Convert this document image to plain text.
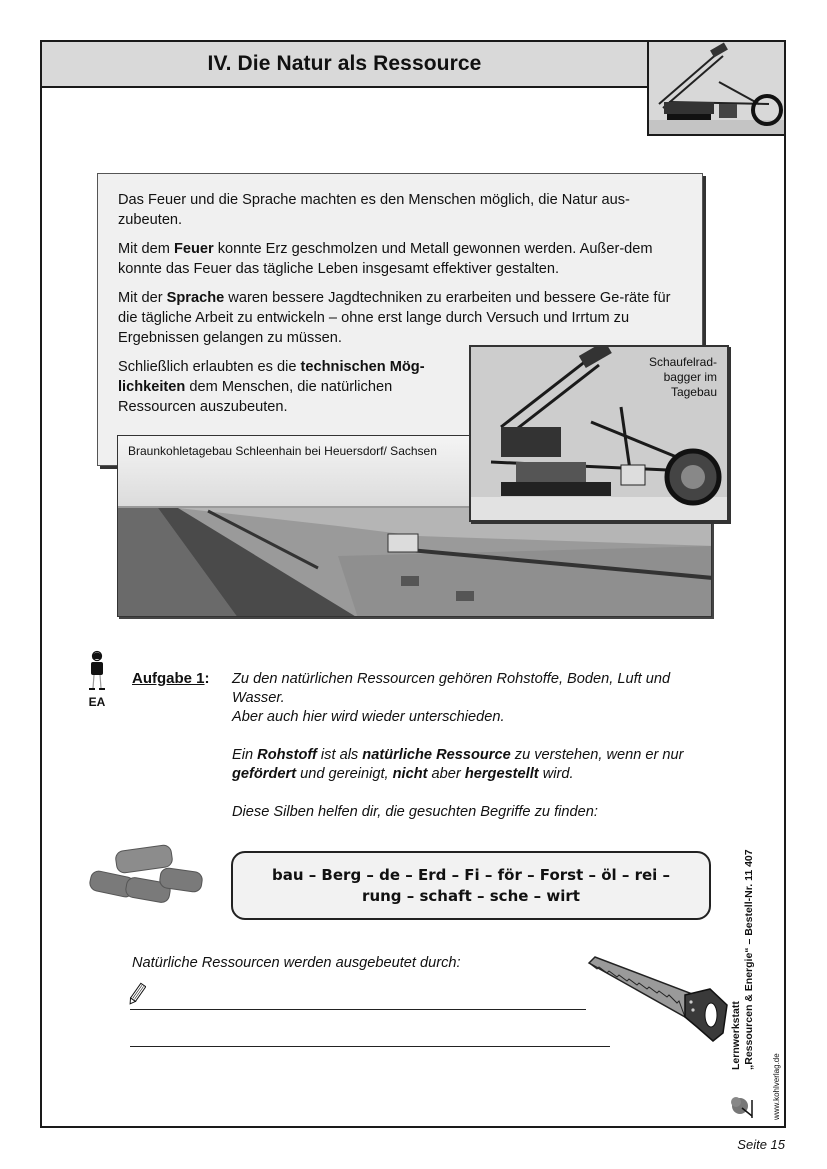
IV. Die Natur als Ressource

Das Feuer und die Sprache machten es den Menschen möglich, die Natur aus-zubeuten.

Mit dem Feuer konnte Erz geschmolzen und Metall gewonnen werden. Außer-dem konnte das Feuer das tägliche Leben insgesamt effektiver gestalten.

Mit der Sprache waren bessere Jagdtechniken zu erarbeiten und bessere Ge-räte für die tägliche Arbeit zu entwickeln – ohne erst lange durch Versuch und Irrtum zu Ergebnissen gelangen zu müssen.

Schließlich erlaubten es die technischen Mög-lichkeiten dem Menschen, die natürlichen Ressourcen auszubeuten.

Braunkohletagebau Schleenhain bei Heuersdorf/ Sachsen
Schaufelrad-
bagger im
Tagebau
EA
Aufgabe 1: Zu den natürlichen Ressourcen gehören Rohstoffe, Boden, Luft und Wasser.
Aber auch hier wird wieder unterschieden.

Ein Rohstoff ist als natürliche Ressource zu verstehen, wenn er nur gefördert und gereinigt, nicht aber hergestellt wird.

Diese Silben helfen dir, die gesuchten Begriffe zu finden:

bau – Berg – de – Erd – Fi – för – Forst – öl – rei –
rung – schaft – sche – wirt
Natürliche Ressourcen werden ausgebeutet durch:
Lernwerkstatt „Ressourcen & Energie“ – Bestell-Nr. 11 407
www.kohlverlag.de
Seite 15
